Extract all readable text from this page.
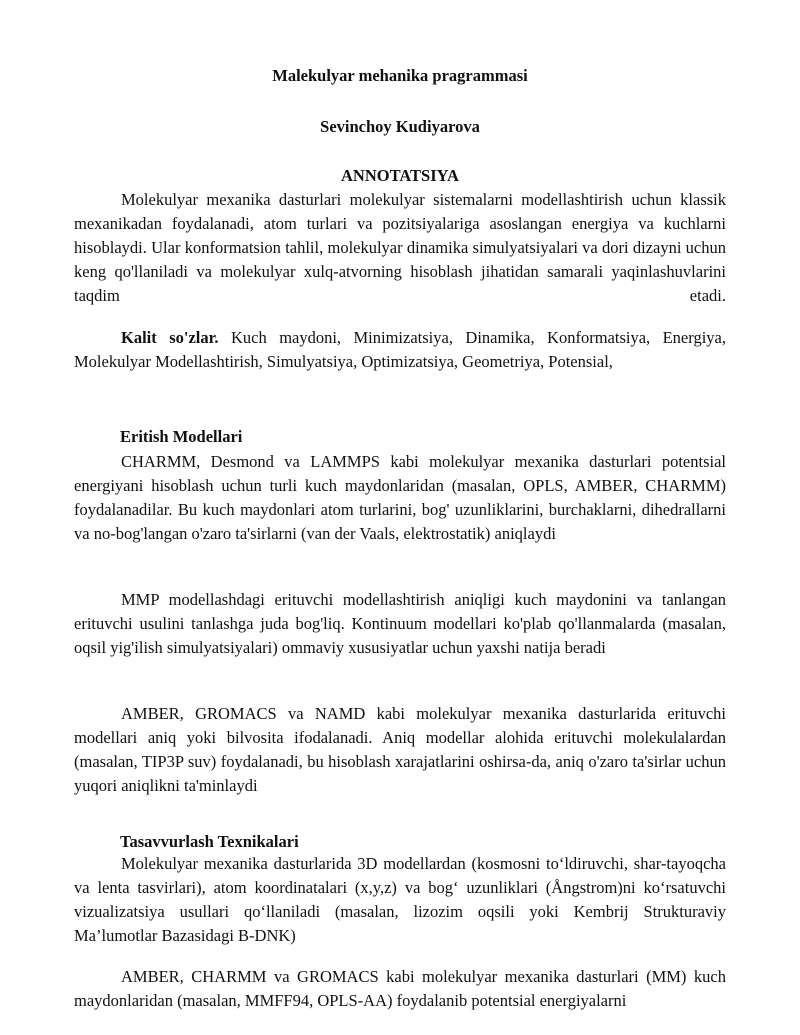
Malekulyar mehanika pragrammasi
Sevinchoy Kudiyarova
ANNOTATSIYA

Molekulyar mexanika dasturlari molekulyar sistemalarni modellashtirish uchun klassik mexanikadan foydalanadi, atom turlari va pozitsiyalariga asoslangan energiya va kuchlarni hisoblaydi. Ular konformatsion tahlil, molekulyar dinamika simulyatsiyalari va dori dizayni uchun keng qo'llaniladi va molekulyar xulq-atvorning hisoblash jihatidan samarali yaqinlashuvlarini taqdim etadi.

Kalit so'zlar. Kuch maydoni, Minimizatsiya, Dinamika, Konformatsiya, Energiya, Molekulyar Modellashtirish, Simulyatsiya, Optimizatsiya, Geometriya, Potensial,

Eritish Modellari

CHARMM, Desmond va LAMMPS kabi molekulyar mexanika dasturlari potentsial energiyani hisoblash uchun turli kuch maydonlaridan (masalan, OPLS, AMBER, CHARMM) foydalanadilar. Bu kuch maydonlari atom turlarini, bog' uzunliklarini, burchaklarni, dihedrallarni va no-bog'langan o'zaro ta'sirlarni (van der Vaals, elektrostatik) aniqlaydi

MMP modellashdagi erituvchi modellashtirish aniqligi kuch maydonini va tanlangan erituvchi usulini tanlashga juda bog'liq. Kontinuum modellari ko'plab qo'llanmalarda (masalan, oqsil yig'ilish simulyatsiyalari) ommaviy xususiyatlar uchun yaxshi natija beradi

AMBER, GROMACS va NAMD kabi molekulyar mexanika dasturlarida erituvchi modellari aniq yoki bilvosita ifodalanadi. Aniq modellar alohida erituvchi molekulalardan (masalan, TIP3P suv) foydalanadi, bu hisoblash xarajatlarini oshirsa-da, aniq o'zaro ta'sirlar uchun yuqori aniqlikni ta'minlaydi

Tasavvurlash Texnikalari

Molekulyar mexanika dasturlarida 3D modellardan (kosmosni to‘ldiruvchi, shar-tayoqcha va lenta tasvirlari), atom koordinatalari (x,y,z) va bog‘ uzunliklari (Ångstrom)ni ko‘rsatuvchi vizualizatsiya usullari qo‘llaniladi (masalan, lizozim oqsili yoki Kembrij Strukturaviy Ma’lumotlar Bazasidagi B-DNK)

AMBER, CHARMM va GROMACS kabi molekulyar mexanika dasturlari (MM) kuch maydonlaridan (masalan, MMFF94, OPLS-AA) foydalanib potentsial energiyalarni
